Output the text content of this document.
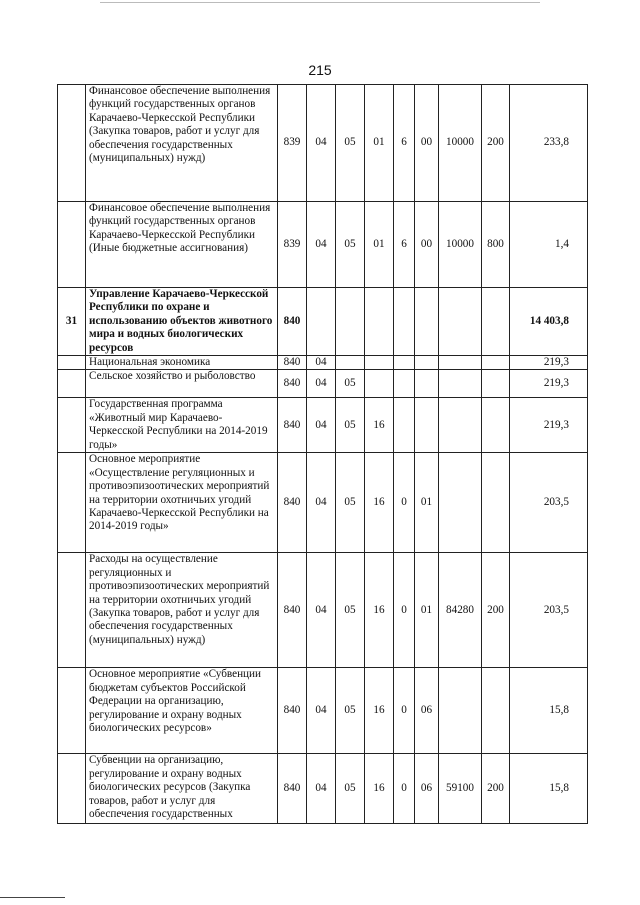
215
	Финансовое обеспечение выполнения функций государственных органов Карачаево-Черкесской Республики (Закупка товаров, работ и услуг для обеспечения государственных (муниципальных) нужд)	839	04	05	01	6	00	10000	200	233,8
	Финансовое обеспечение выполнения функций государственных органов Карачаево-Черкесской Республики (Иные бюджетные ассигнования)	839	04	05	01	6	00	10000	800	1,4
31	Управление Карачаево-Черкесской Республики по охране и использованию объектов животного мира и водных биологических ресурсов	840								14 403,8
	Национальная экономика	840	04							219,3
	Сельское хозяйство и рыболовство	840	04	05						219,3
	Государственная программа «Животный мир Карачаево-Черкесской Республики на 2014-2019 годы»	840	04	05	16					219,3
	Основное мероприятие «Осуществление регуляционных и противоэпизоотических мероприятий на территории охотничьих угодий Карачаево-Черкесской Республики на 2014-2019 годы»	840	04	05	16	0	01			203,5
	Расходы на осуществление регуляционных и противоэпизоотических мероприятий на территории охотничьих угодий (Закупка товаров, работ и услуг для обеспечения государственных (муниципальных) нужд)	840	04	05	16	0	01	84280	200	203,5
	Основное мероприятие «Субвенции бюджетам субъектов Российской Федерации на организацию, регулирование и охрану водных биологических ресурсов»	840	04	05	16	0	06			15,8
	Субвенции на организацию, регулирование и охрану водных биологических ресурсов (Закупка товаров, работ и услуг для обеспечения государственных	840	04	05	16	0	06	59100	200	15,8
